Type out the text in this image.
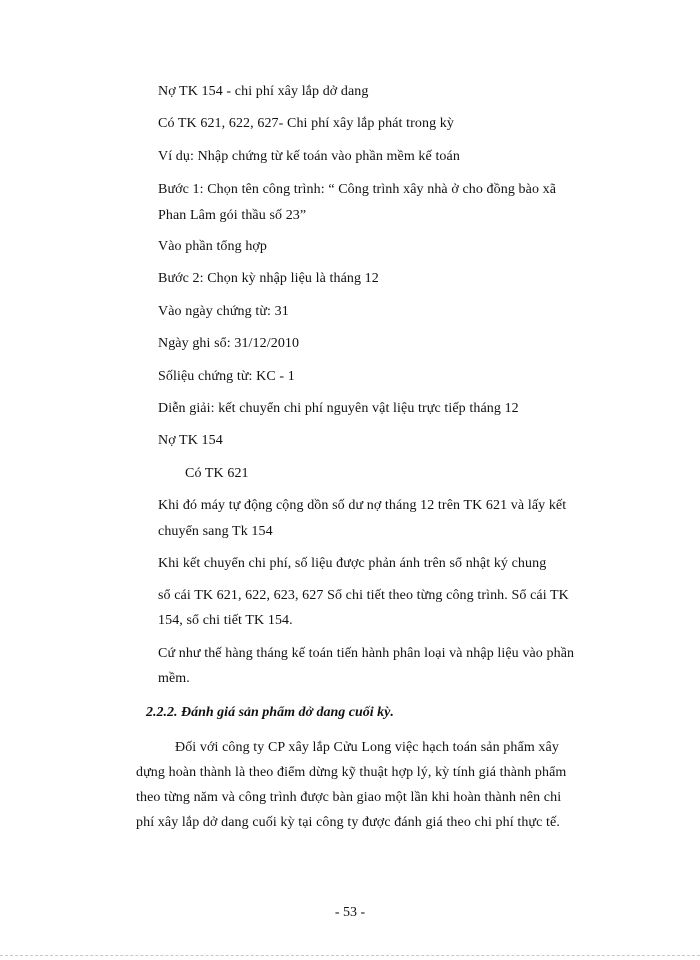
Nợ TK 154 - chi phí xây lắp dở dang
Có TK 621, 622, 627- Chi phí xây lắp phát trong kỳ
Ví dụ: Nhập chứng từ kế toán vào phần mềm kế toán
Bước 1: Chọn tên công trình: “ Công trình xây nhà ở cho đồng bào xã
Phan Lâm gói thầu số 23”
Vào phần tổng hợp
Bước 2: Chọn kỳ nhập liệu là tháng 12
Vào ngày chứng từ: 31
Ngày ghi sổ: 31/12/2010
Sốliệu chứng từ: KC - 1
Diễn giải: kết chuyển chi phí nguyên vật liệu trực tiếp tháng 12
Nợ TK 154
Có TK 621
Khi đó máy tự động cộng dồn số dư nợ tháng 12 trên TK 621 và lấy kết
chuyển sang Tk 154
Khi kết chuyển chi phí, số liệu được phản ánh trên sổ nhật ký chung
sổ cái TK 621, 622, 623, 627 Sổ chi tiết theo từng công trình. Sổ cái TK
154, sổ chi tiết TK 154.
Cứ như thế hàng tháng kế toán tiến hành phân loại và nhập liệu vào phần
mềm.
2.2.2. Đánh giá sản phẩm dở dang cuối kỳ.
Đối với công ty CP xây lắp Cửu Long việc hạch toán sản phẩm xây
dựng hoàn thành là theo điểm dừng kỹ thuật hợp lý, kỳ tính giá thành phẩm
theo từng năm và công trình được bàn giao một lần khi hoàn thành nên chi
phí xây lắp dở dang cuối kỳ tại công ty được đánh giá theo chi phí thực tế.
- 53 -
